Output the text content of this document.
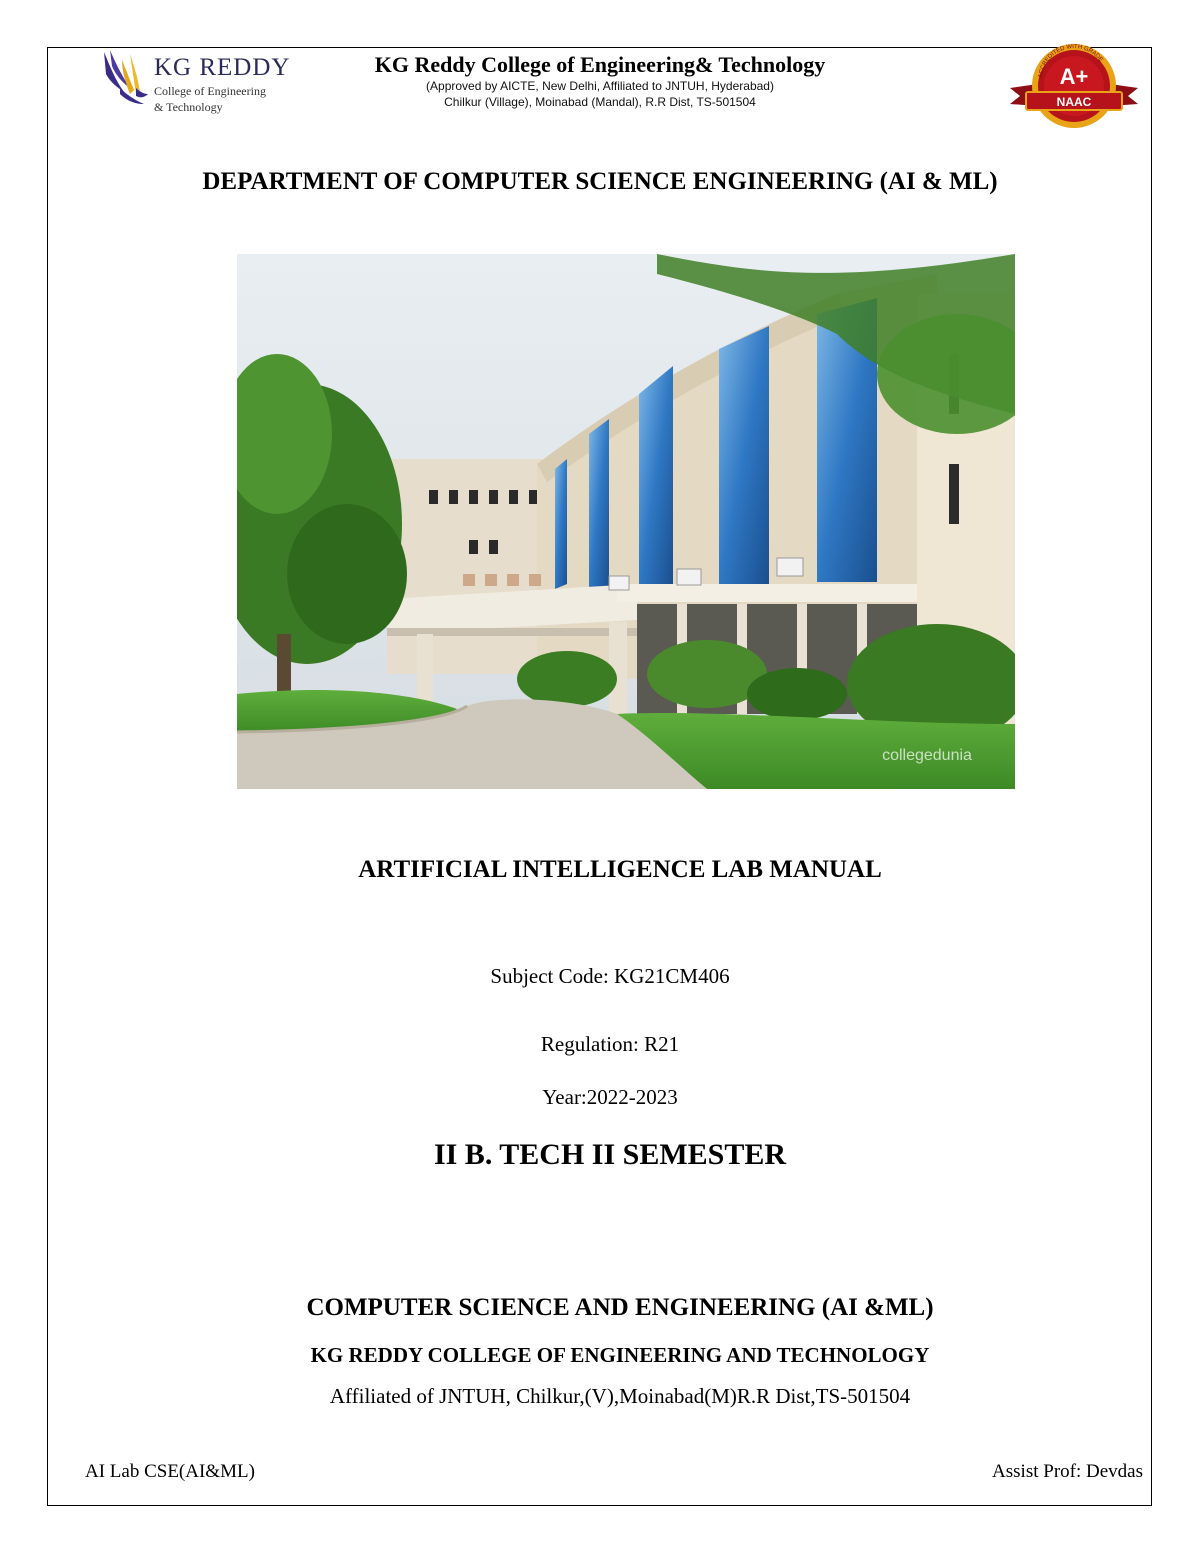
KG REDDY
College of Engineering
& Technology
KG Reddy College of Engineering& Technology
(Approved by AICTE, New Delhi, Affiliated to JNTUH, Hyderabad)
Chilkur (Village), Moinabad (Mandal), R.R Dist, TS-501504
A+
NAAC
ACCREDITED WITH GRADE
DEPARTMENT OF COMPUTER SCIENCE ENGINEERING (AI & ML)
collegedunia
ARTIFICIAL INTELLIGENCE LAB MANUAL
Subject Code: KG21CM406
Regulation: R21
Year:2022-2023
II B. TECH II SEMESTER
COMPUTER SCIENCE AND ENGINEERING (AI &ML)
KG REDDY COLLEGE OF ENGINEERING AND TECHNOLOGY
Affiliated of JNTUH, Chilkur,(V),Moinabad(M)R.R Dist,TS-501504
AI Lab CSE(AI&ML)	Assist Prof: Devdas
